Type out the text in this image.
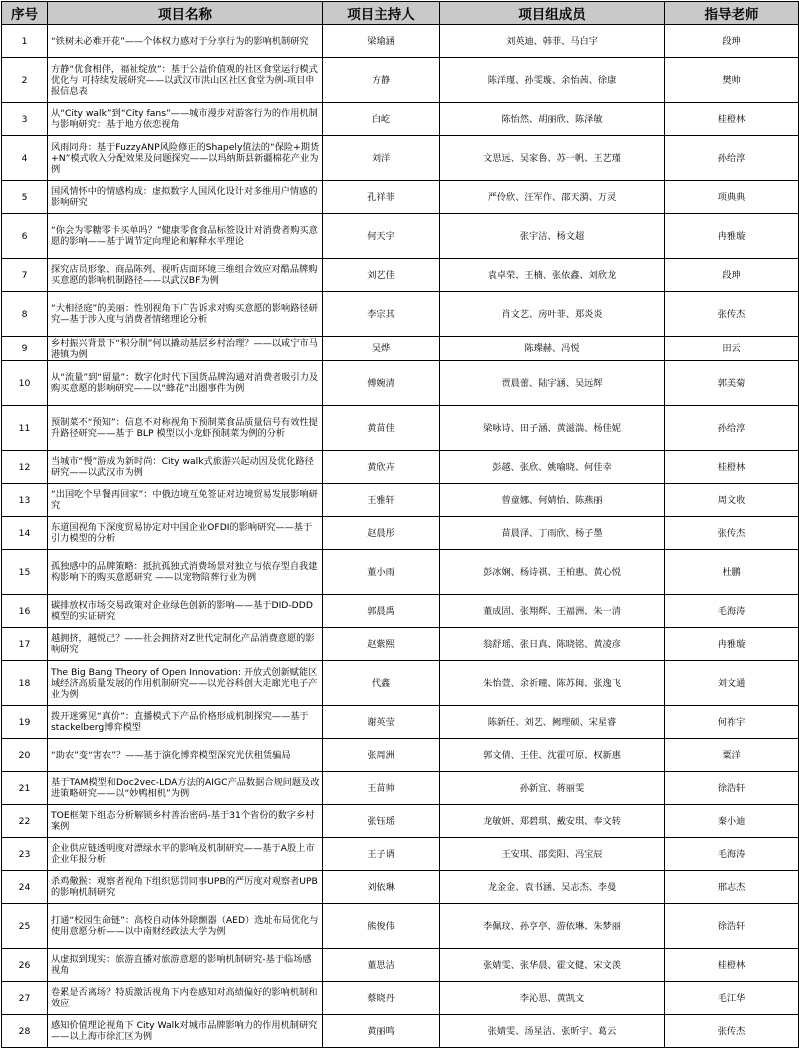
序号	项目名称	项目主持人	项目组成员	指导老师
1	“铁树未必难开花”——个体权力感对于分享行为的影响机制研究	梁瑜涵	刘英迪、韩菲、马白宇	段珅
2	方静“优食相伴，福祉绽放”：基于公益价值观的社区食堂运行模式优化与 可持续发展研究——以武汉市洪山区社区食堂为例-项目申报信息表	方静	陈洋瑾、孙雯璇、余怡茜、徐康	樊帅
3	从“City walk”到“City fans”——城市漫步对游客行为的作用机制与影响研究：基于地方依恋视角	白屹	陈怡然、胡丽欣、陈泽敏	桂橙林
4	风雨同舟：基于FuzzyANP风险修正的Shapely值法的“保险+期货+N”模式收入分配效果及问题探究——以玛纳斯县新疆棉花产业为例	刘洋	文思远、吴家鲁、苏一帆、王艺瑾	孙给淳
5	国风情怀中的情感构成：虚拟数字人国风化设计对多维用户情感的影响研究	孔祥菲	严伶欣、汪军作、邵天漪、万灵	项典典
6	“你会为零糖零卡买单吗？”健康零食食品标签设计对消费者购买意愿的影响——基于调节定向理论和解释水平理论	何天宇	张宇洁、杨文超	冉雅璇
7	探究店员形象、商品陈列、视听店面环境三维组合效应对酷品牌购买意愿的影响机制路径——以武汉BF为例	刘艺佳	袁卓荣、王楠、张依鑫、刘欣龙	段珅
8	“大相径庭”的美丽：性别视角下广告诉求对购买意愿的影响路径研究—基于涉入度与消费者情绪理论分析	李宗其	肖文艺、房叶菲、郑炎炎	张传杰
9	乡村振兴背景下“积分制”何以撬动基层乡村治理？——以咸宁市马港镇为例	吴烨	陈璨赫、冯悦	田云
10	从“流量”到“留量”：数字化时代下国货品牌沟通对消费者吸引力及购买意愿的影响研究——以“蜂花”出圈事件为例	傅婉清	贾晨蕾、陆宇涵、吴远辉	郭美菊
11	预制菜不“预知”：信息不对称视角下预制菜食品质量信号有效性提升路径研究——基于 BLP 模型以小龙虾预制菜为例的分析	黄苗佳	梁咏诗、田子涵、黄滋湍、杨佳妮	孙给淳
12	当城市“慢”游成为新时尚：City walk式旅游兴起动因及优化路径研究——以武汉市为例	黄欣卉	彭越、张欣、姚喻晓、何佳幸	桂橙林
13	“出国吃个早餐再回家”：中俄边境互免签证对边境贸易发展影响研究	王雅轩	曾童娜、何婧怡、陈燕丽	周文收
14	东道国视角下深度贸易协定对中国企业OFDI的影响研究——基于引力模型的分析	赵晨彤	苗晨泽、丁雨欣、杨子墨	张传杰
15	孤独感中的品牌策略：抵抗孤独式消费场景对独立与依存型自我建构影响下的购买意愿研究 ——以宠物陪葬行业为例	董小雨	彭冰娴、杨诗祺、王柏惠、黄心悦	杜鹏
16	碳排放权市场交易政策对企业绿色创新的影响——基于DID-DDD模型的实证研究	郭晨禹	董成固、张翔辉、王福洲、朱一清	毛海涛
17	越拥挤，越悦己？——社会拥挤对Z世代定制化产品消费意愿的影响研究	赵紫熙	翁舒瑶、张日真、陈晓铭、黄凌彦	冉雅璇
18	The Big Bang Theory of Open Innovation: 开放式创新赋能区域经济高质量发展的作用机制研究——以光谷科创大走廊光电子产业为例	代鑫	朱怡萱、余祈曈、陈苏闽、张逸飞	刘文通
19	拨开迷雾见“真价”：直播模式下产品价格形成机制探究——基于stackelberg博弈模型	谢英莹	陈新任、刘艺、阙理硕、宋星睿	何祚宇
20	“助农”变“害农”？——基于演化博弈模型深究光伏租赁骗局	张周洲	郭文倩、王佳、沈霍可原、权新惠	粟洋
21	基于TAM模型和Doc2vec-LDA方法的AIGC产品数据合规问题及改进策略研究——以“妙鸭相机”为例	王苗帅	孙新宜、蒋丽雯	徐浩轩
22	TOE框架下组态分析解锁乡村善治密码-基于31个省份的数字乡村案例	张钰瑶	龙敏妍、郑碧琪、戴安琪、奉文转	秦小迪
23	企业供应链透明度对漂绿水平的影响及机制研究——基于A股上市企业年报分析	王子谞	王安琪、邵奕阳、冯宝辰	毛海涛
24	杀鸡儆猴：观察者视角下组织惩罚同事UPB的严厉度对观察者UPB的影响机制研究	刘依琳	龙金金、袁书涵、吴志杰、李曼	邢志杰
25	打通“校园生命链”：高校自动体外除颤器（AED）选址布局优化与使用意愿分析——以中南财经政法大学为例	熊俊伟	李佩玟、孙亨亭、游依琳、朱梦丽	徐浩轩
26	从虚拟到现实：旅游直播对旅游意愿的影响机制研究-基于临场感视角	董思洁	张婧雯、张华晨、霍文健、宋文羡	桂橙林
27	卷累是否离场？特质激活视角下内卷感知对高绩偏好的影响机制和效应	蔡晓丹	李沁思、黄凯文	毛江华
28	感知价值理论视角下 City Walk对城市品牌影响力的作用机制研究 ——以上海市徐汇区为例	黄丽鸣	张婧雯、汤星洁、张昕宇、葛云	张传杰
